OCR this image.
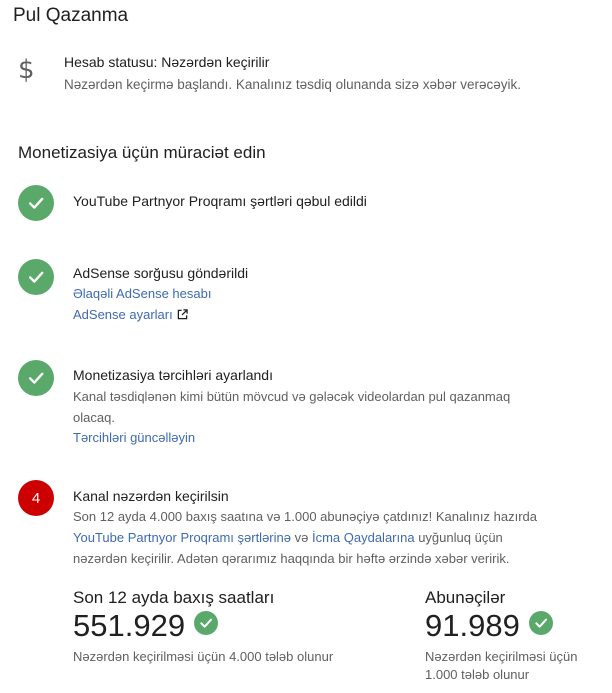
Pul Qazanma
$ Hesab statusu: Nəzərdən keçirilir
Nəzərdən keçirmə başlandı. Kanalınız təsdiq olunanda sizə xəbər verəcəyik.
Monetizasiya üçün müraciət edin
YouTube Partnyor Proqramı şərtləri qəbul edildi
AdSense sorğusu göndərildi
Əlaqəli AdSense hesabı
AdSense ayarları
Monetizasiya tərcihləri ayarlandı
Kanal təsdiqlənən kimi bütün mövcud və gələcək videolardan pul qazanmaq
olacaq.
Tərcihləri güncəlləyin
4	Kanal nəzərdən keçirilsin
Son 12 ayda 4.000 baxış saatına və 1.000 abunəçiyə çatdınız! Kanalınız hazırda
YouTube Partnyor Proqramı şərtlərinə və İcma Qaydalarına uyğunluq üçün
nəzərdən keçirilir. Adətən qərarımız haqqında bir həftə ərzində xəbər veririk.
Son 12 ayda baxış saatları
551.929
Nəzərdən keçirilməsi üçün 4.000 tələb olunur
Abunəçilər
91.989
Nəzərdən keçirilməsi üçün
1.000 tələb olunur
